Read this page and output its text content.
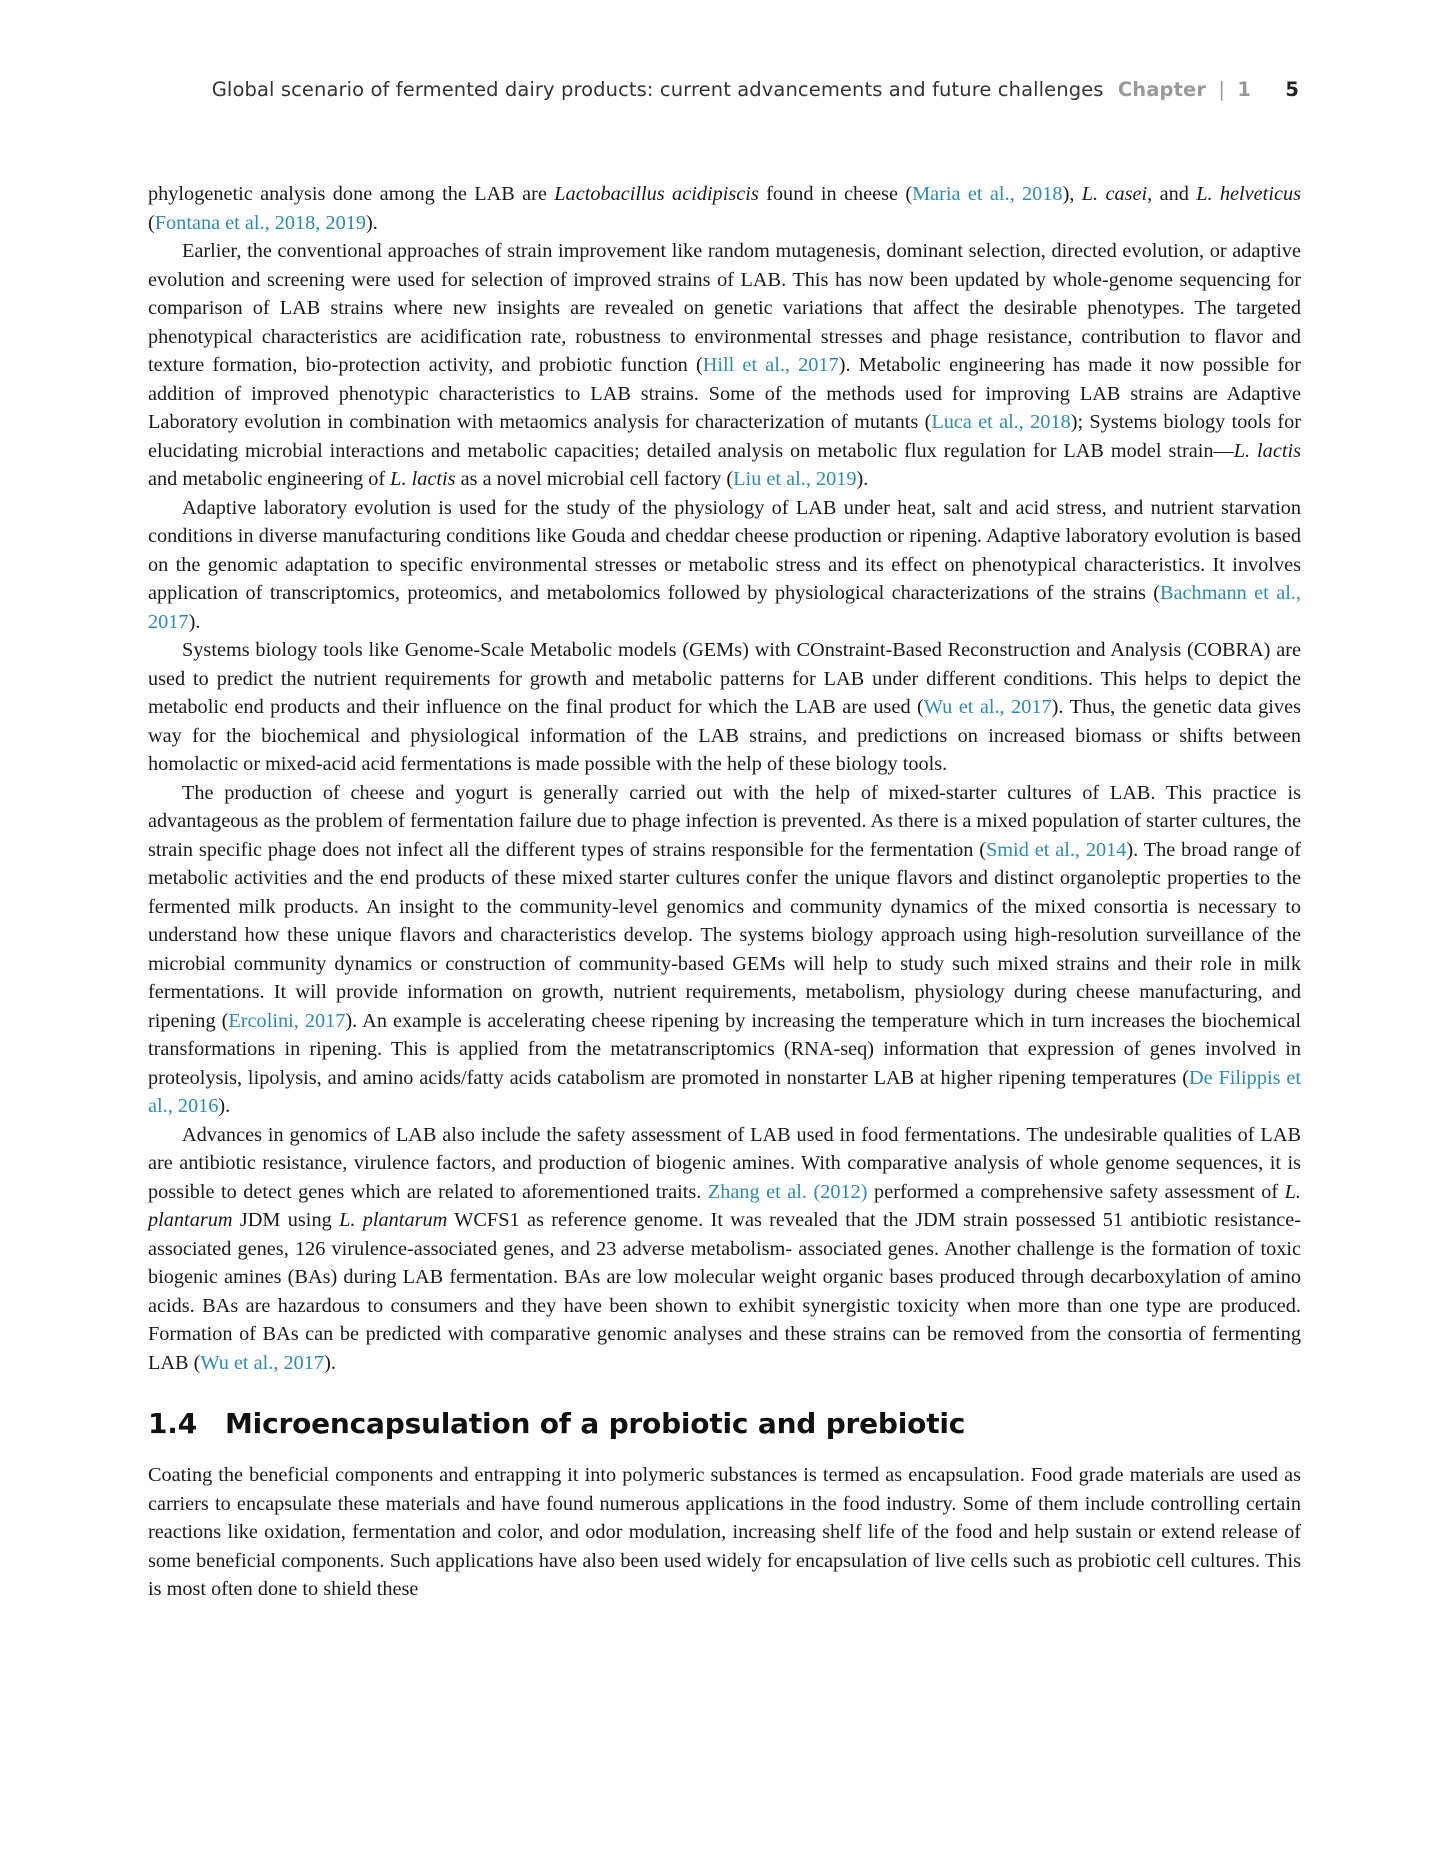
Global scenario of fermented dairy products: current advancements and future challenges Chapter | 1 5

phylogenetic analysis done among the LAB are Lactobacillus acidipiscis found in cheese (Maria et al., 2018), L. casei, and L. helveticus (Fontana et al., 2018, 2019).

Earlier, the conventional approaches of strain improvement like random mutagenesis, dominant selection, directed evolution, or adaptive evolution and screening were used for selection of improved strains of LAB. This has now been updated by whole-genome sequencing for comparison of LAB strains where new insights are revealed on genetic variations that affect the desirable phenotypes. The targeted phenotypical characteristics are acidification rate, robustness to environmental stresses and phage resistance, contribution to flavor and texture formation, bio-protection activity, and probiotic function (Hill et al., 2017). Metabolic engineering has made it now possible for addition of improved phenotypic characteristics to LAB strains. Some of the methods used for improving LAB strains are Adaptive Laboratory evolution in combination with metaomics analysis for characterization of mutants (Luca et al., 2018); Systems biology tools for elucidating microbial interactions and metabolic capacities; detailed analysis on metabolic flux regulation for LAB model strain—L. lactis and metabolic engineering of L. lactis as a novel microbial cell factory (Liu et al., 2019).

Adaptive laboratory evolution is used for the study of the physiology of LAB under heat, salt and acid stress, and nutrient starvation conditions in diverse manufacturing conditions like Gouda and cheddar cheese production or ripening. Adaptive laboratory evolution is based on the genomic adaptation to specific environmental stresses or metabolic stress and its effect on phenotypical characteristics. It involves application of transcriptomics, proteomics, and metabolomics followed by physiological characterizations of the strains (Bachmann et al., 2017).

Systems biology tools like Genome-Scale Metabolic models (GEMs) with COnstraint-Based Reconstruction and Analysis (COBRA) are used to predict the nutrient requirements for growth and metabolic patterns for LAB under different conditions. This helps to depict the metabolic end products and their influence on the final product for which the LAB are used (Wu et al., 2017). Thus, the genetic data gives way for the biochemical and physiological information of the LAB strains, and predictions on increased biomass or shifts between homolactic or mixed-acid acid fermentations is made possible with the help of these biology tools.

The production of cheese and yogurt is generally carried out with the help of mixed-starter cultures of LAB. This practice is advantageous as the problem of fermentation failure due to phage infection is prevented. As there is a mixed population of starter cultures, the strain specific phage does not infect all the different types of strains responsible for the fermentation (Smid et al., 2014). The broad range of metabolic activities and the end products of these mixed starter cultures confer the unique flavors and distinct organoleptic properties to the fermented milk products. An insight to the community-level genomics and community dynamics of the mixed consortia is necessary to understand how these unique flavors and characteristics develop. The systems biology approach using high-resolution surveillance of the microbial community dynamics or construction of community-based GEMs will help to study such mixed strains and their role in milk fermentations. It will provide information on growth, nutrient requirements, metabolism, physiology during cheese manufacturing, and ripening (Ercolini, 2017). An example is accelerating cheese ripening by increasing the temperature which in turn increases the biochemical transformations in ripening. This is applied from the metatranscriptomics (RNA-seq) information that expression of genes involved in proteolysis, lipolysis, and amino acids/fatty acids catabolism are promoted in nonstarter LAB at higher ripening temperatures (De Filippis et al., 2016).

Advances in genomics of LAB also include the safety assessment of LAB used in food fermentations. The undesirable qualities of LAB are antibiotic resistance, virulence factors, and production of biogenic amines. With comparative analysis of whole genome sequences, it is possible to detect genes which are related to aforementioned traits. Zhang et al. (2012) performed a comprehensive safety assessment of L. plantarum JDM using L. plantarum WCFS1 as reference genome. It was revealed that the JDM strain possessed 51 antibiotic resistance-associated genes, 126 virulence-associated genes, and 23 adverse metabolism- associated genes. Another challenge is the formation of toxic biogenic amines (BAs) during LAB fermentation. BAs are low molecular weight organic bases produced through decarboxylation of amino acids. BAs are hazardous to consumers and they have been shown to exhibit synergistic toxicity when more than one type are produced. Formation of BAs can be predicted with comparative genomic analyses and these strains can be removed from the consortia of fermenting LAB (Wu et al., 2017).

1.4 Microencapsulation of a probiotic and prebiotic

Coating the beneficial components and entrapping it into polymeric substances is termed as encapsulation. Food grade materials are used as carriers to encapsulate these materials and have found numerous applications in the food industry. Some of them include controlling certain reactions like oxidation, fermentation and color, and odor modulation, increasing shelf life of the food and help sustain or extend release of some beneficial components. Such applications have also been used widely for encapsulation of live cells such as probiotic cell cultures. This is most often done to shield these
